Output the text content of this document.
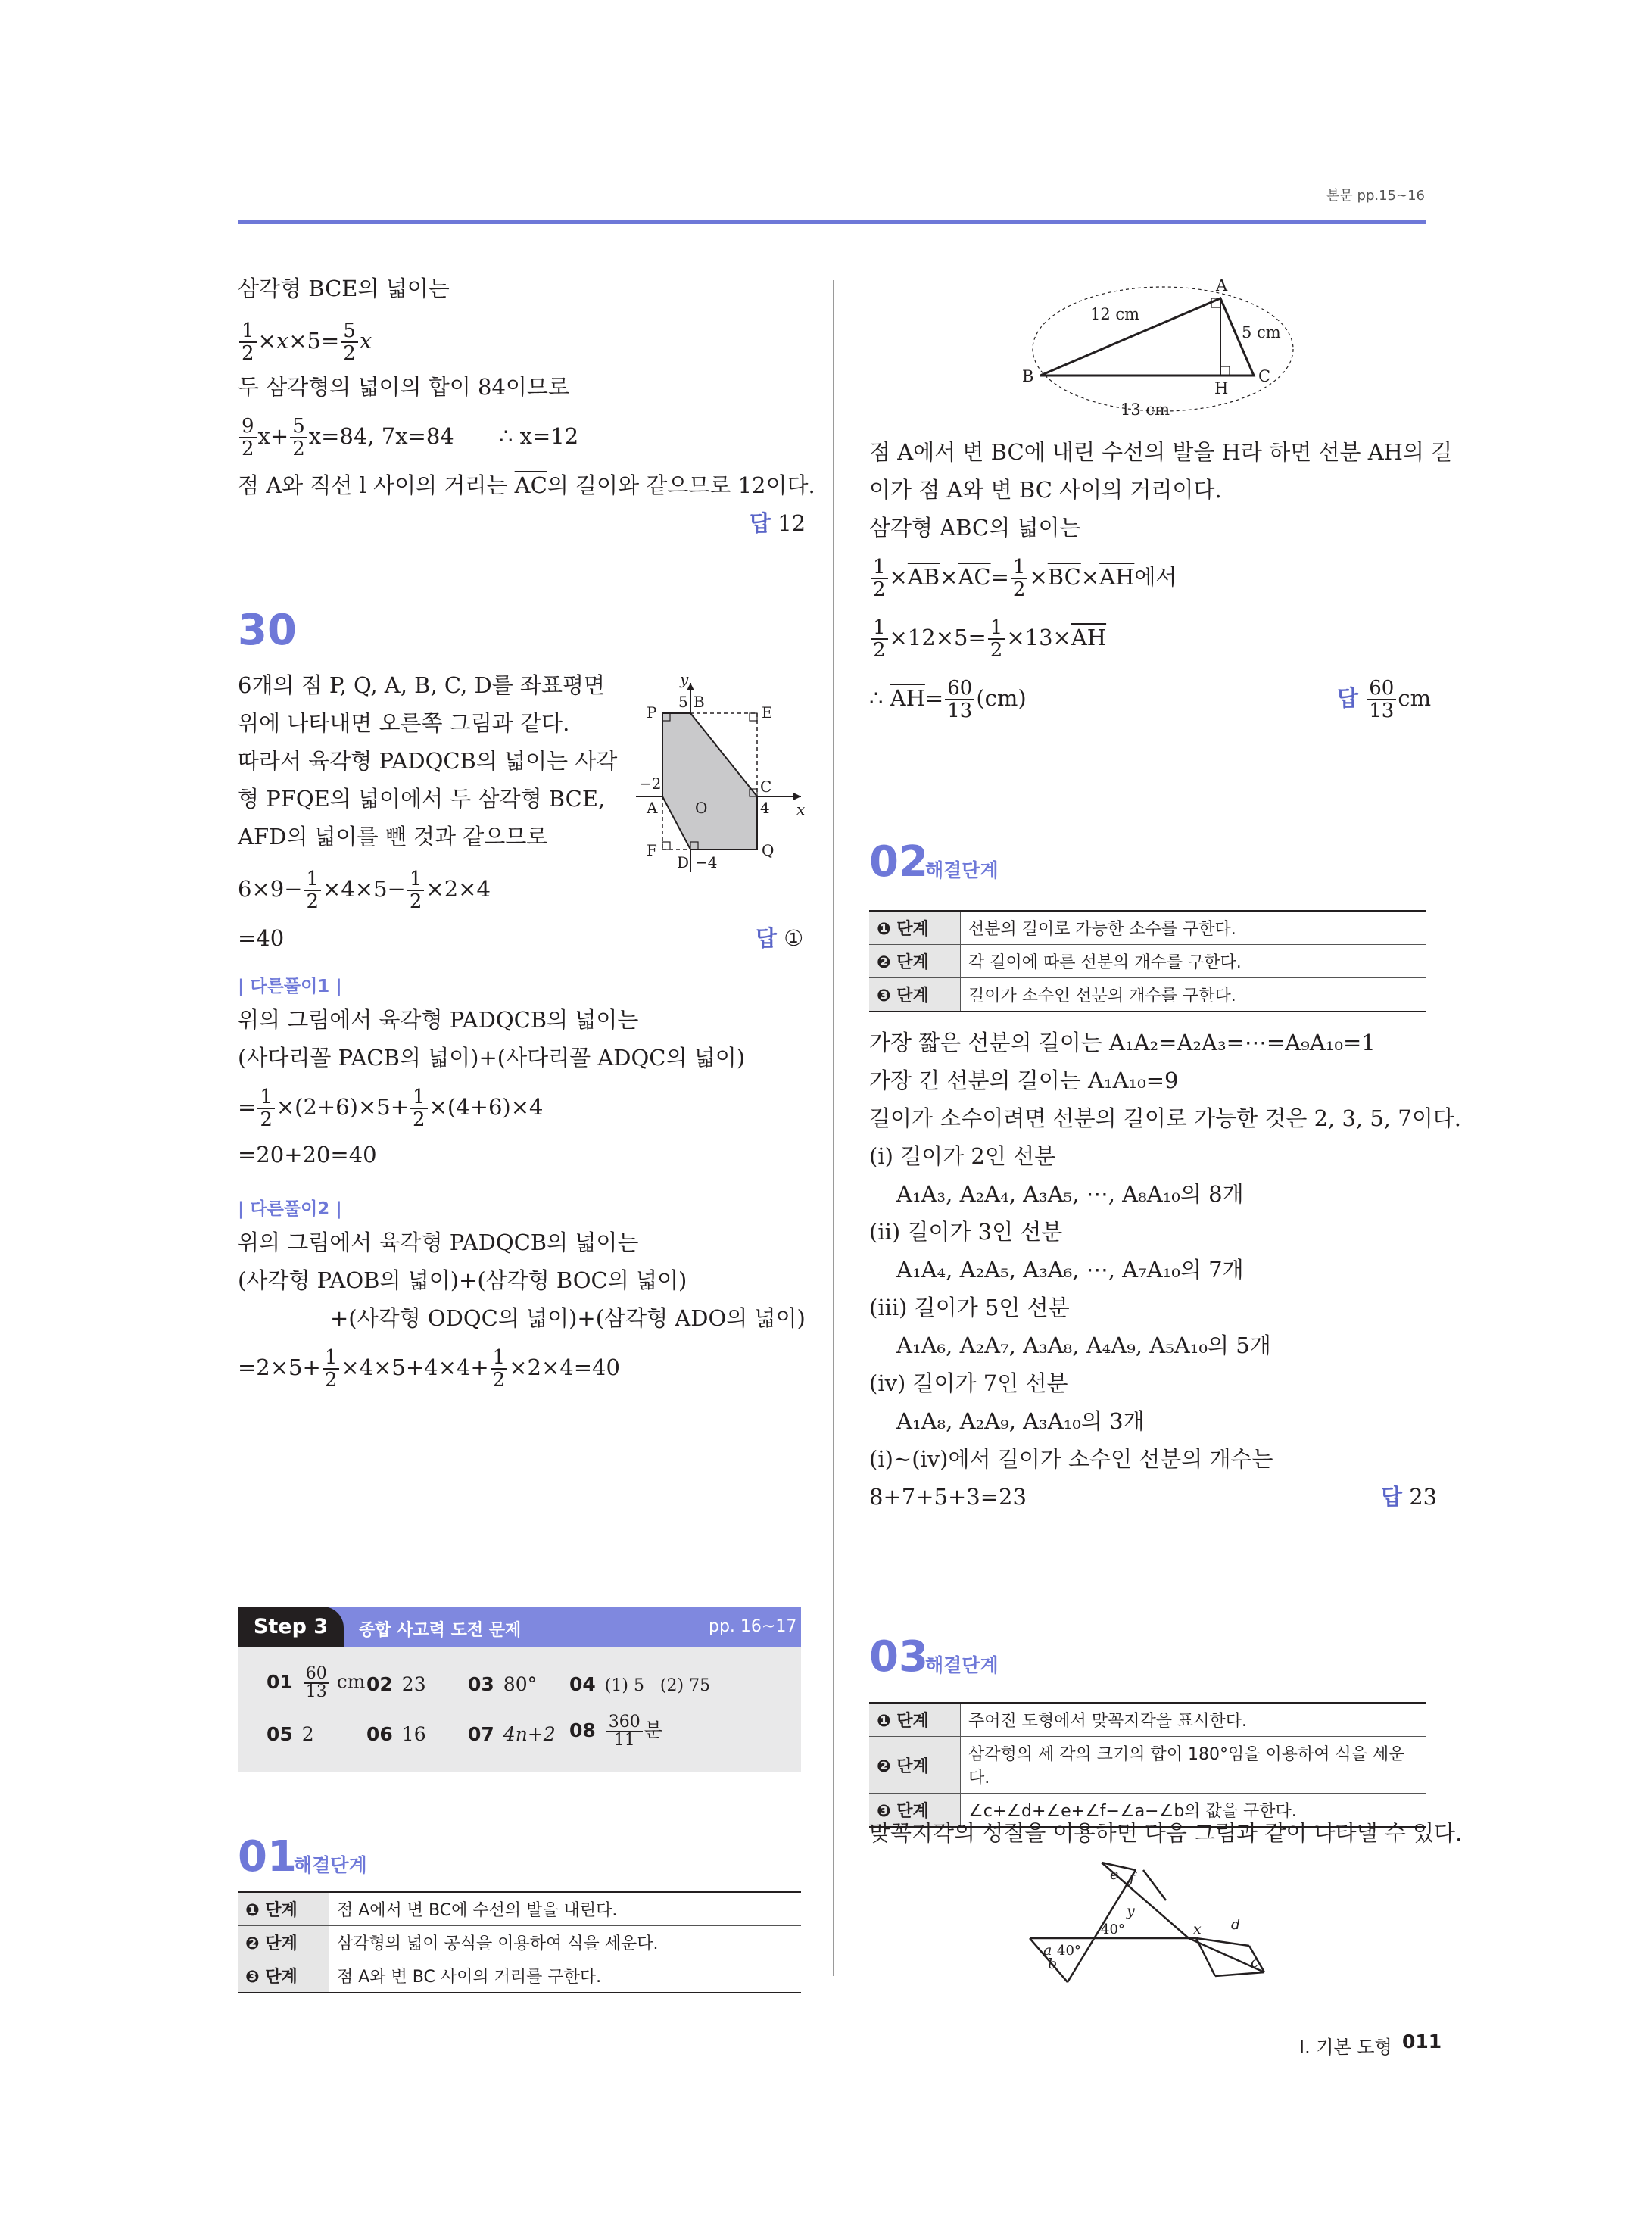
본문 pp.15~16
삼각형 BCE의 넓이는
$\frac{1}{2} \times x\times 5= \frac{5}{2}$ x
두 삼각형의 넓이의 합이 84이므로
$\frac{9}{2} x+ \frac{5}{2} x=84$, 7x=84 ∴ x=12
점 A와 직선 l 사이의 거리는 $\overline{AC}$의 길이와 같으므로 12이다.
답 12
30
6개의 점 P, Q, A, B, C, D를 좌표평면
위에 나타내면 오른쪽 그림과 같다.
따라서 육각형 PADQCB의 넓이는 사각
형 PFQE의 넓이에서 두 삼각형 BCE,
AFD의 넓이를 뺀 것과 같으므로
y
x
P
B
5
E
−2	C
A O	4
F
D −4
Q
$6\times 9- \frac{1}{2} \times 4\times 5- \frac{1}{2} \times 2\times 4$
=40	답 ①
| 다른풀이1 |
위의 그림에서 육각형 PADQCB의 넓이는
(사다리꼴 PACB의 넓이)+(사다리꼴 ADQC의 넓이)
= $\frac{1}{2} \times(2+6)\times 5+ \frac{1}{2} \times(4+6)\times 4$
=20+20=40
| 다른풀이2 |
위의 그림에서 육각형 PADQCB의 넓이는
(사각형 PAOB의 넓이)+(삼각형 BOC의 넓이)
+(사각형 ODQC의 넓이)+(삼각형 ADO의 넓이)
$=2\times 5+ \frac{1}{2} \times 4\times 5+4\times 4+ \frac{1}{2} \times 2\times 4=40$
Step 3	종합 사고력 도전 문제	pp. 16~17
$01 \frac{60}{13}$ cm 02 23 03 80° 04 (1) 5   (2) 75
05 2	06 16 07 4n+2 $08 \frac{360}{11}$ 분
01
해결단계
❶ 단계	점 A에서 변 BC에 수선의 발을 내린다.
❷ 단계	삼각형의 넓이 공식을 이용하여 식을 세운다.
❸ 단계	점 A와 변 BC 사이의 거리를 구한다.
A
B	C
H
12 cm
5 cm
13 cm
점 A에서 변 BC에 내린 수선의 발을 H라 하면 선분 AH의 길
이가 점 A와 변 BC 사이의 거리이다.
삼각형 ABC의 넓이는
$\frac{1}{2} \times\overline{AB}\times\overline{AC}= \frac{1}{2} \times\overline{BC}\times\overline{AH}$에서
$\frac{1}{2} \times 12\times 5= \frac{1}{2} \times 13\times\overline{AH}$
∴ $\overline{AH}= \frac{60}{13} (cm)$	답 $\frac{60}{13}$ cm
02
해결단계
❶ 단계	선분의 길이로 가능한 소수를 구한다.
❷ 단계	각 길이에 따른 선분의 개수를 구한다.
❸ 단계	길이가 소수인 선분의 개수를 구한다.
가장 짧은 선분의 길이는 A₁A₂=A₂A₃=⋯=A₉A₁₀=1
가장 긴 선분의 길이는 A₁A₁₀=9
길이가 소수이려면 선분의 길이로 가능한 것은 2, 3, 5, 7이다.
(ⅰ) 길이가 2인 선분
A₁A₃, A₂A₄, A₃A₅, ⋯, A₈A₁₀의 8개
(ⅱ) 길이가 3인 선분
A₁A₄, A₂A₅, A₃A₆, ⋯, A₇A₁₀의 7개
(ⅲ) 길이가 5인 선분
A₁A₆, A₂A₇, A₃A₈, A₄A₉, A₅A₁₀의 5개
(ⅳ) 길이가 7인 선분
A₁A₈, A₂A₉, A₃A₁₀의 3개
(ⅰ)~(ⅳ)에서 길이가 소수인 선분의 개수는
8+7+5+3=23	답 23
03
해결단계
❶ 단계	주어진 도형에서 맞꼭지각을 표시한다.
❷ 단계	삼각형의 세 각의 크기의 합이 180°임을 이용하여 식을 세운다.
❸ 단계	∠c+∠d+∠e+∠f−∠a−∠b의 값을 구한다.
맞꼭지각의 성질을 이용하면 다음 그림과 같이 나타낼 수 있다.
e f
y
d
x
a
b	c
40°
40°
Ⅰ. 기본 도형 011
